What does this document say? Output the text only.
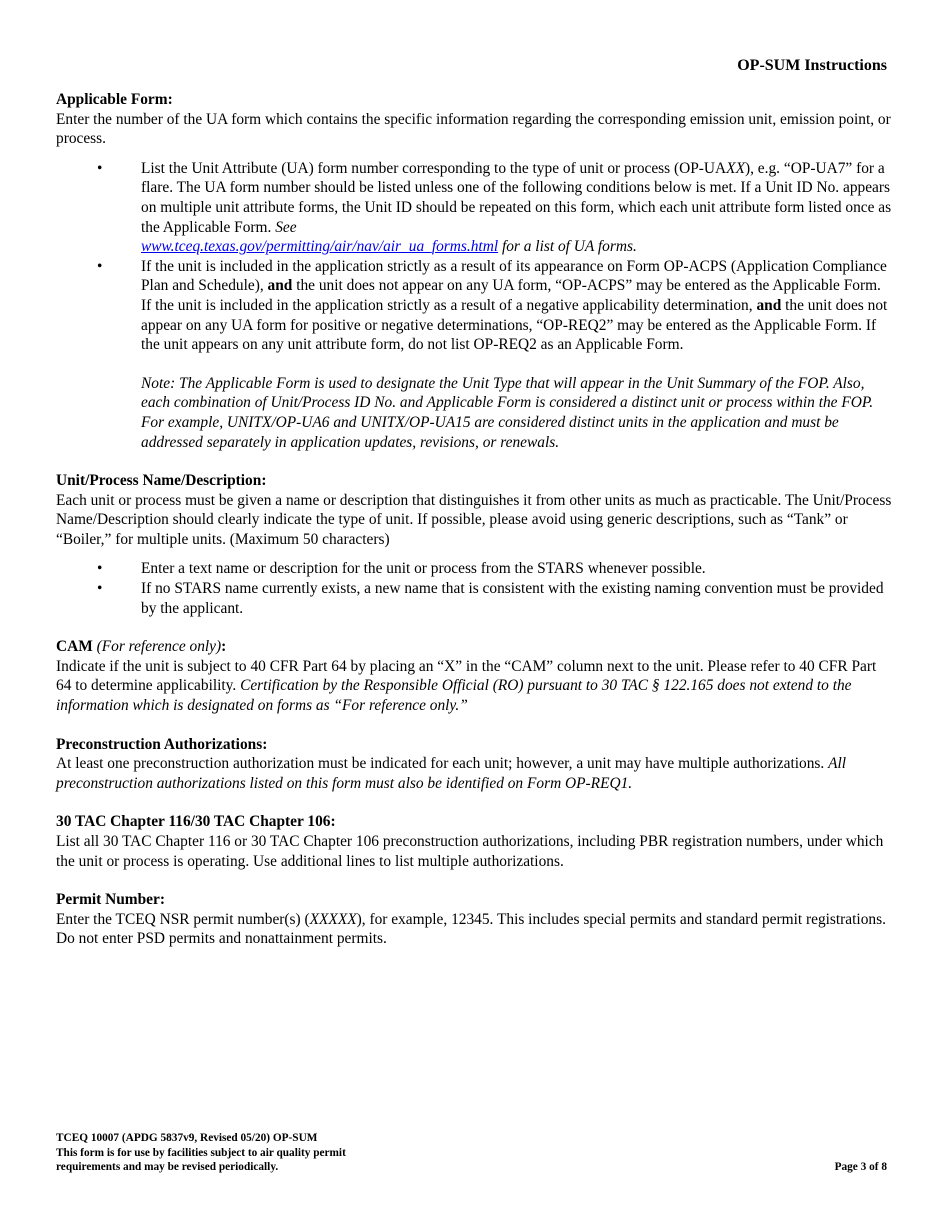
OP-SUM Instructions
Applicable Form:

Enter the number of the UA form which contains the specific information regarding the corresponding emission unit, emission point, or process.

•	List the Unit Attribute (UA) form number corresponding to the type of unit or process (OP-UAXX), e.g. “OP-UA7” for a flare. The UA form number should be listed unless one of the following conditions below is met. If a Unit ID No. appears on multiple unit attribute forms, the Unit ID should be repeated on this form, which each unit attribute form listed once as the Applicable Form. See
www.tceq.texas.gov/permitting/air/nav/air_ua_forms.html for a list of UA forms.
•	If the unit is included in the application strictly as a result of its appearance on Form OP-ACPS (Application Compliance Plan and Schedule), and the unit does not appear on any UA form, “OP-ACPS” may be entered as the Applicable Form. If the unit is included in the application strictly as a result of a negative applicability determination, and the unit does not appear on any UA form for positive or negative determinations, “OP-REQ2” may be entered as the Applicable Form. If the unit appears on any unit attribute form, do not list OP-REQ2 as an Applicable Form.
Note: The Applicable Form is used to designate the Unit Type that will appear in the Unit Summary of the FOP. Also, each combination of Unit/Process ID No. and Applicable Form is considered a distinct unit or process within the FOP. For example, UNITX/OP-UA6 and UNITX/OP-UA15 are considered distinct units in the application and must be addressed separately in application updates, revisions, or renewals.
Unit/Process Name/Description:

Each unit or process must be given a name or description that distinguishes it from other units as much as practicable. The Unit/Process Name/Description should clearly indicate the type of unit. If possible, please avoid using generic descriptions, such as “Tank” or “Boiler,” for multiple units. (Maximum 50 characters)

•	Enter a text name or description for the unit or process from the STARS whenever possible.
•	If no STARS name currently exists, a new name that is consistent with the existing naming convention must be provided by the applicant.
CAM (For reference only):

Indicate if the unit is subject to 40 CFR Part 64 by placing an “X” in the “CAM” column next to the unit. Please refer to 40 CFR Part 64 to determine applicability. Certification by the Responsible Official (RO) pursuant to 30 TAC § 122.165 does not extend to the information which is designated on forms as “For reference only.”

Preconstruction Authorizations:

At least one preconstruction authorization must be indicated for each unit; however, a unit may have multiple authorizations. All preconstruction authorizations listed on this form must also be identified on Form OP-REQ1.

30 TAC Chapter 116/30 TAC Chapter 106:

List all 30 TAC Chapter 116 or 30 TAC Chapter 106 preconstruction authorizations, including PBR registration numbers, under which the unit or process is operating. Use additional lines to list multiple authorizations.

Permit Number:

Enter the TCEQ NSR permit number(s) (XXXXX), for example, 12345. This includes special permits and standard permit registrations. Do not enter PSD permits and nonattainment permits.

TCEQ 10007 (APDG 5837v9, Revised 05/20) OP-SUM
This form is for use by facilities subject to air quality permit
requirements and may be revised periodically.	Page 3 of 8
